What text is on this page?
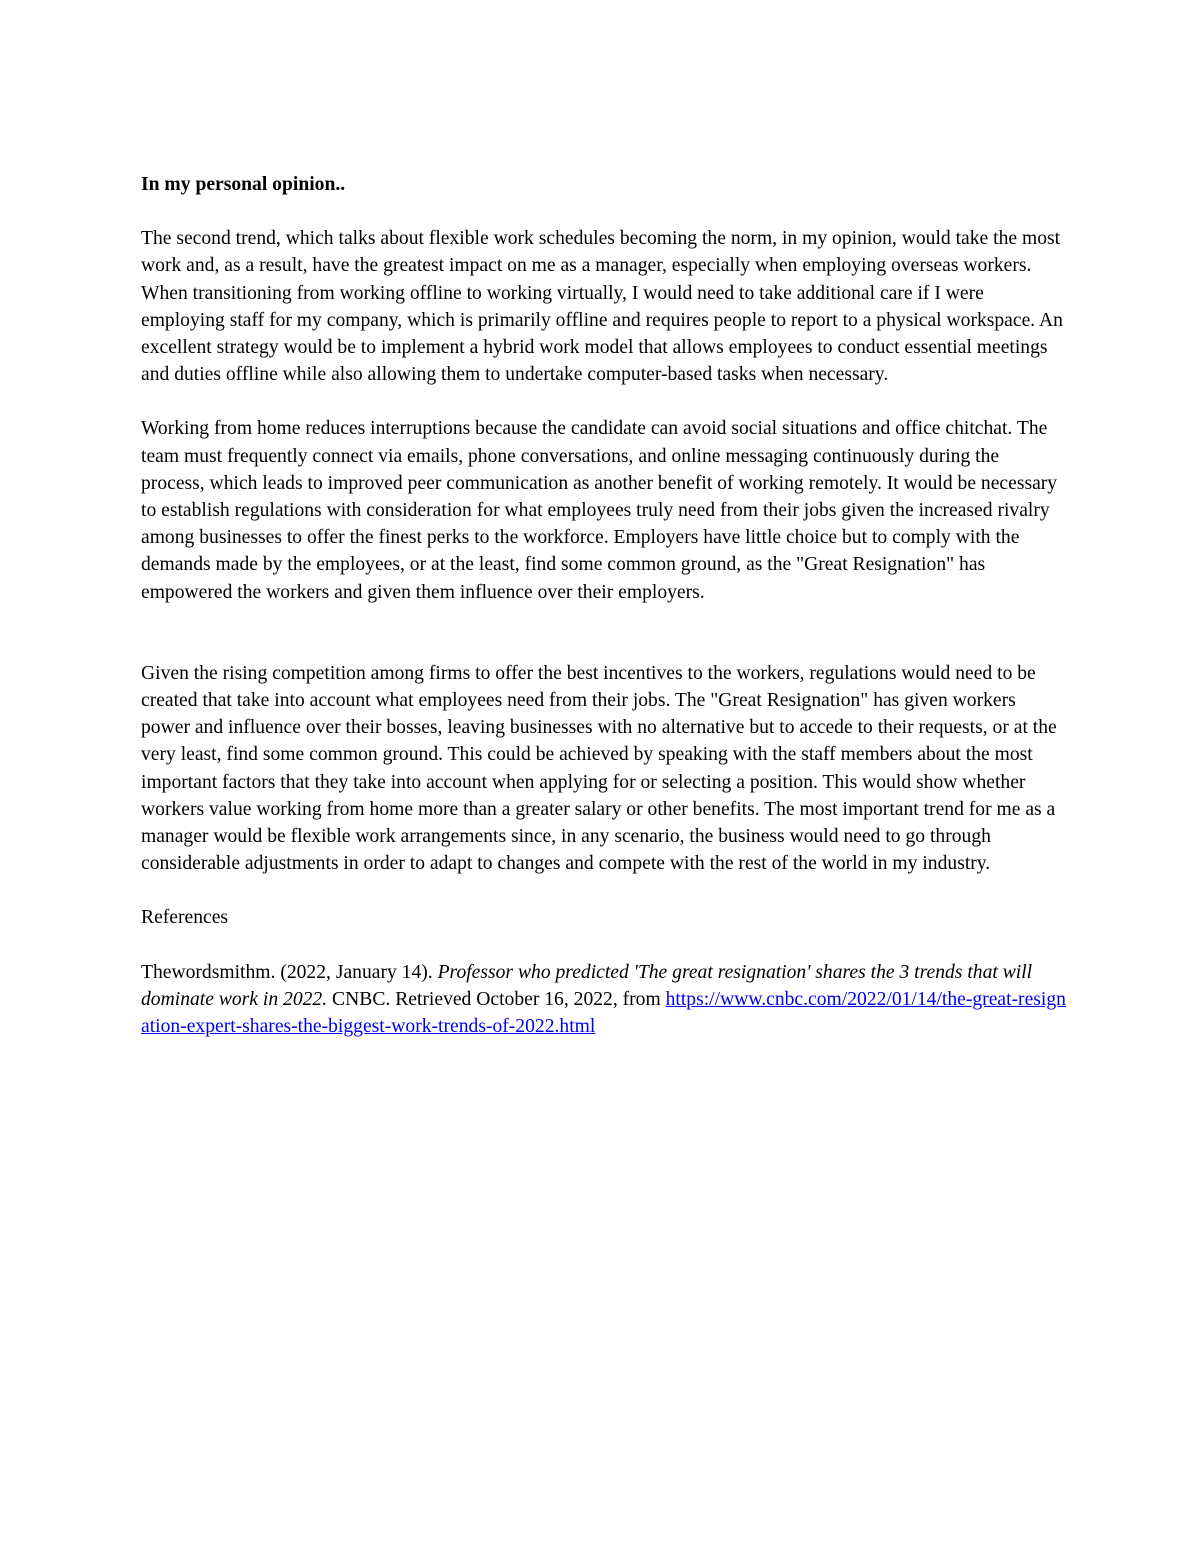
In my personal opinion..

The second trend, which talks about flexible work schedules becoming the norm, in my opinion, would take the most work and, as a result, have the greatest impact on me as a manager, especially when employing overseas workers. When transitioning from working offline to working virtually, I would need to take additional care if I were employing staff for my company, which is primarily offline and requires people to report to a physical workspace. An excellent strategy would be to implement a hybrid work model that allows employees to conduct essential meetings and duties offline while also allowing them to undertake computer-based tasks when necessary.

Working from home reduces interruptions because the candidate can avoid social situations and office chitchat. The team must frequently connect via emails, phone conversations, and online messaging continuously during the process, which leads to improved peer communication as another benefit of working remotely. It would be necessary to establish regulations with consideration for what employees truly need from their jobs given the increased rivalry among businesses to offer the finest perks to the workforce. Employers have little choice but to comply with the demands made by the employees, or at the least, find some common ground, as the "Great Resignation" has empowered the workers and given them influence over their employers.

Given the rising competition among firms to offer the best incentives to the workers, regulations would need to be created that take into account what employees need from their jobs. The "Great Resignation" has given workers power and influence over their bosses, leaving businesses with no alternative but to accede to their requests, or at the very least, find some common ground. This could be achieved by speaking with the staff members about the most important factors that they take into account when applying for or selecting a position. This would show whether workers value working from home more than a greater salary or other benefits. The most important trend for me as a manager would be flexible work arrangements since, in any scenario, the business would need to go through considerable adjustments in order to adapt to changes and compete with the rest of the world in my industry.

References

Thewordsmithm. (2022, January 14). Professor who predicted 'The great resignation' shares the 3 trends that will dominate work in 2022. CNBC. Retrieved October 16, 2022, from https://www.cnbc.com/2022/01/14/the-great-resignation-expert-shares-the-biggest-work-trends-of-2022.html
